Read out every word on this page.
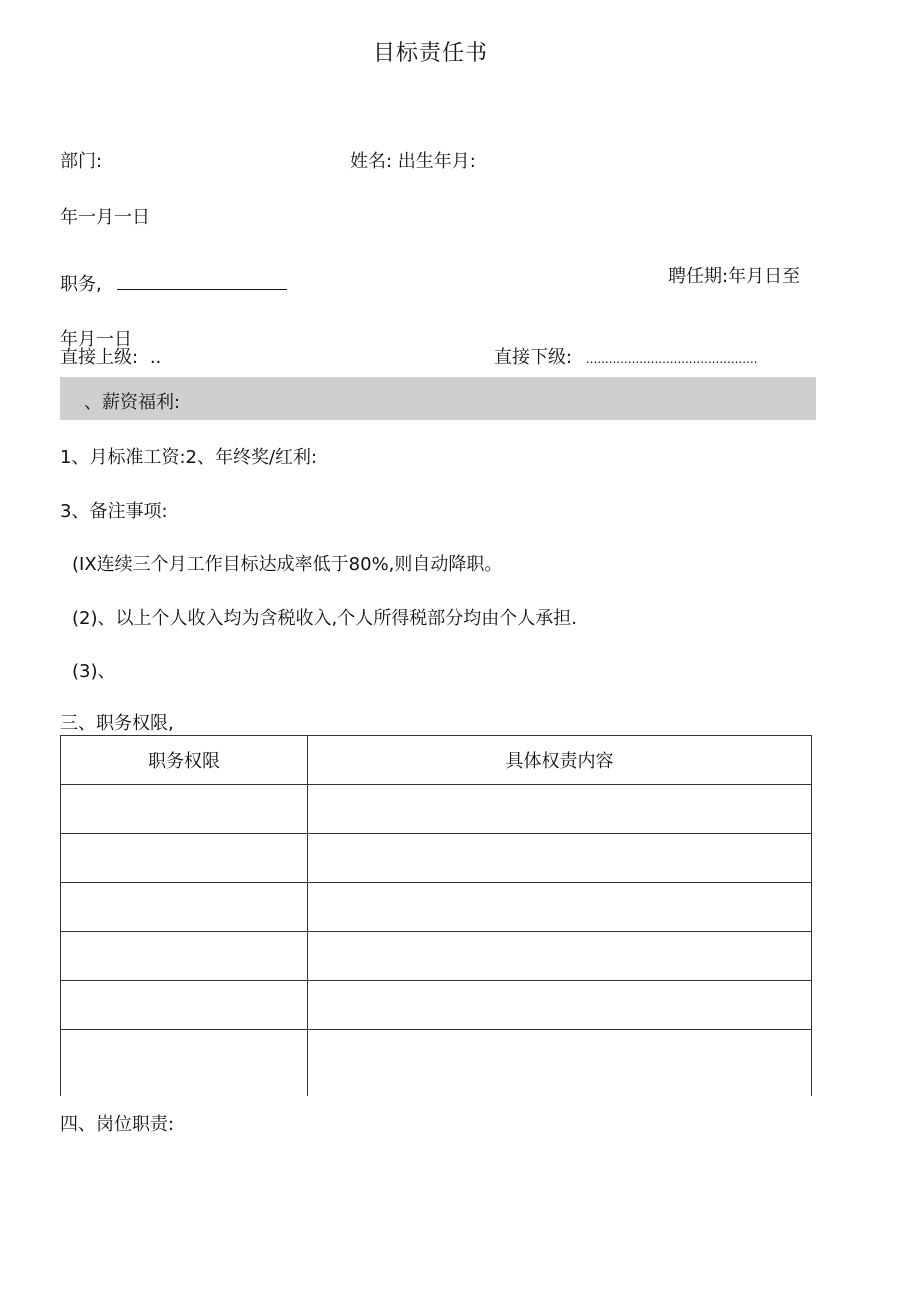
目标责任书
部门:	姓名: 出生年月:
年一月一日
职务,	聘任期:年月日至
年月一日
直接上级: ..	直接下级: .............................................
、薪资福利:
1、月标准工资:2、年终奖/红利:
3、备注事项:
(IX连续三个月工作目标达成率低于80%,则自动降职。
(2)、以上个人收入均为含税收入,个人所得税部分均由个人承担.
(3)、
三、职务权限,
职务权限	具体权责内容

四、岗位职责:
